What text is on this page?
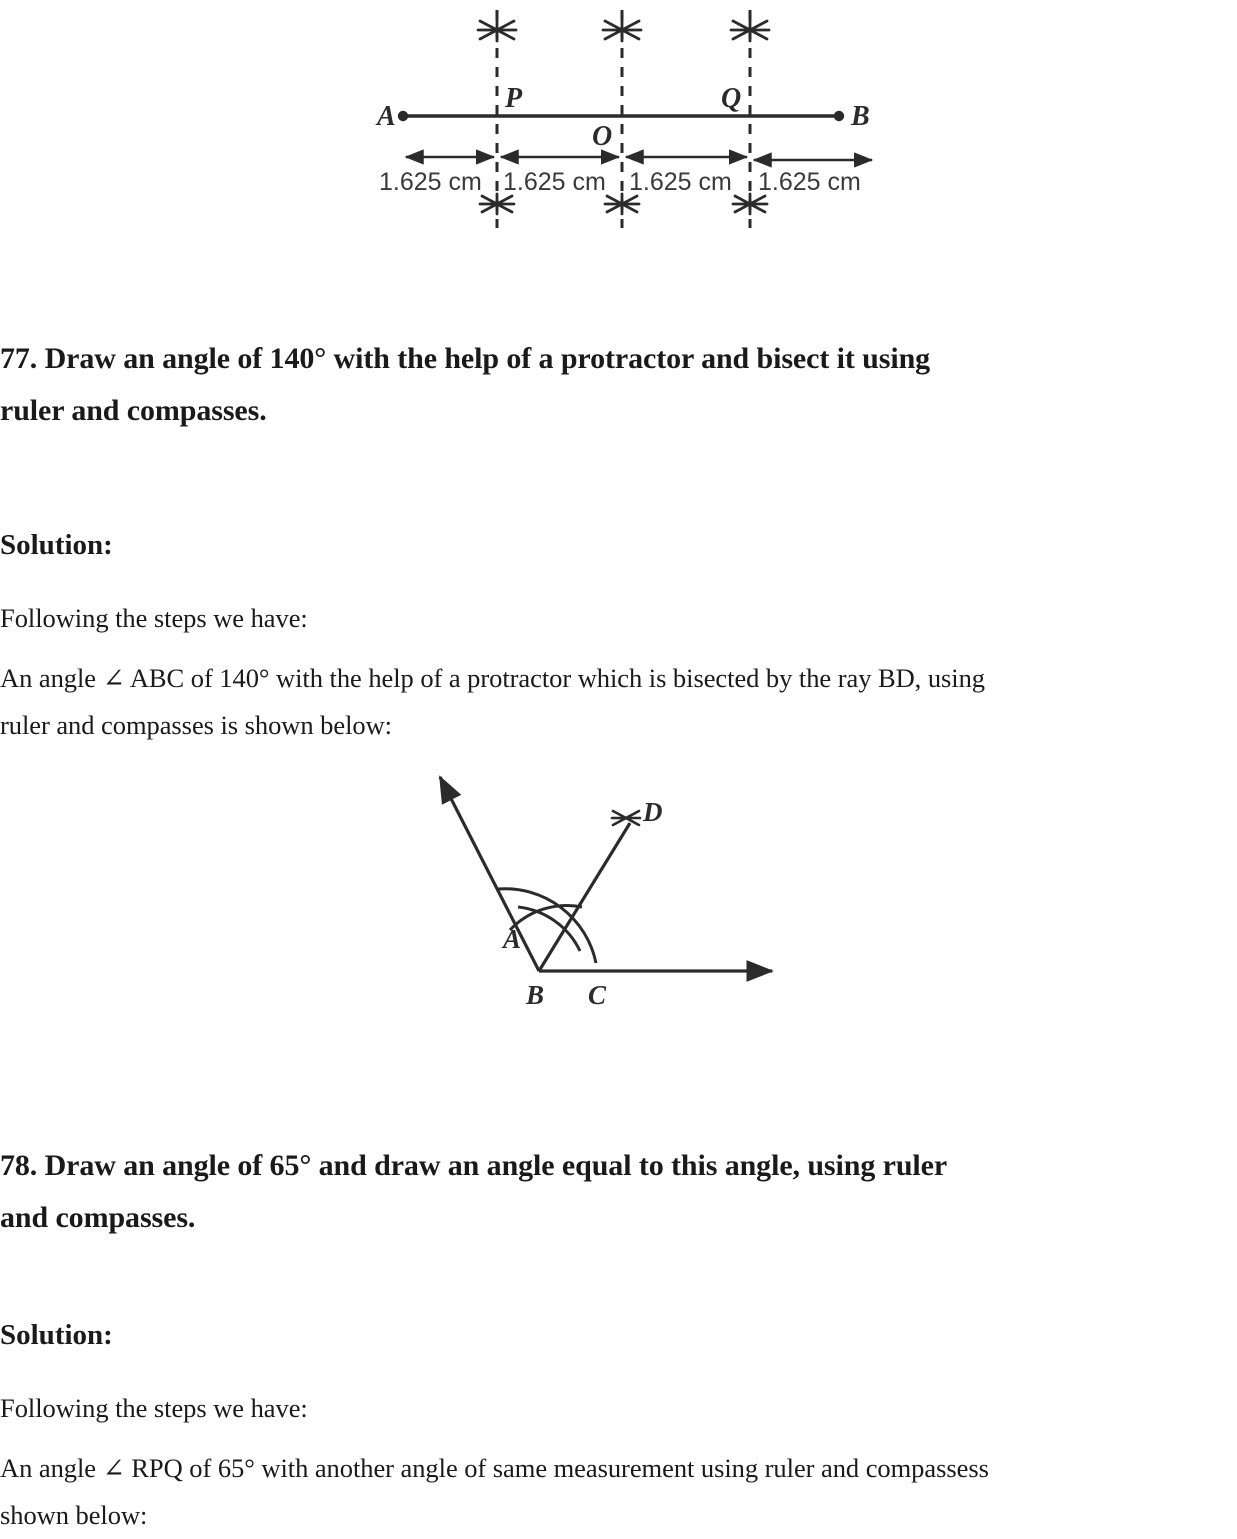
A	B
P
O
Q
1.625 cm 1.625 cm 1.625 cm 1.625 cm
77. Draw an angle of 140° with the help of a protractor and bisect it using
ruler and compasses.
Solution:
Following the steps we have:
An angle ∠ ABC of 140° with the help of a protractor which is bisected by the ray BD, using
ruler and compasses is shown below:
A
B C
D
78. Draw an angle of 65° and draw an angle equal to this angle, using ruler
and compasses.
Solution:
Following the steps we have:
An angle ∠ RPQ of 65° with another angle of same measurement using ruler and compassess
shown below:
